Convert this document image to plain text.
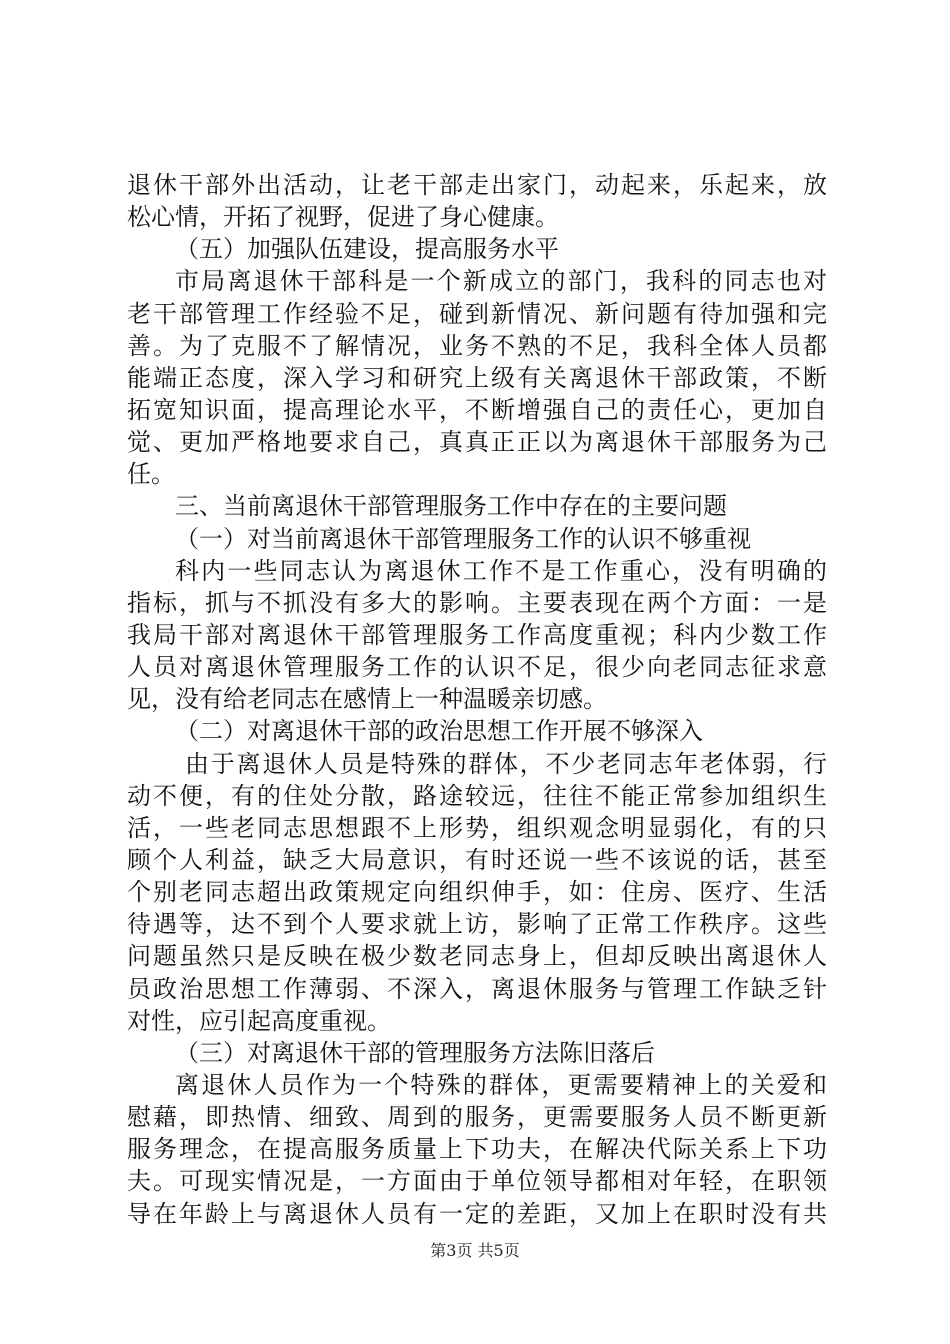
退休干部外出活动，让老干部走出家门，动起来，乐起来，放
松心情，开拓了视野，促进了身心健康。
（五）加强队伍建设，提高服务水平
市局离退休干部科是一个新成立的部门，我科的同志也对
老干部管理工作经验不足，碰到新情况、新问题有待加强和完
善。为了克服不了解情况，业务不熟的不足，我科全体人员都
能端正态度，深入学习和研究上级有关离退休干部政策，不断
拓宽知识面，提高理论水平，不断增强自己的责任心，更加自
觉、更加严格地要求自己，真真正正以为离退休干部服务为己
任。
三、当前离退休干部管理服务工作中存在的主要问题
（一）对当前离退休干部管理服务工作的认识不够重视
科内一些同志认为离退休工作不是工作重心，没有明确的
指标，抓与不抓没有多大的影响。主要表现在两个方面：一是
我局干部对离退休干部管理服务工作高度重视；科内少数工作
人员对离退休管理服务工作的认识不足，很少向老同志征求意
见，没有给老同志在感情上一种温暖亲切感。
（二）对离退休干部的政治思想工作开展不够深入
由于离退休人员是特殊的群体，不少老同志年老体弱，行
动不便，有的住处分散，路途较远，往往不能正常参加组织生
活，一些老同志思想跟不上形势，组织观念明显弱化，有的只
顾个人利益，缺乏大局意识，有时还说一些不该说的话，甚至
个别老同志超出政策规定向组织伸手，如：住房、医疗、生活
待遇等，达不到个人要求就上访，影响了正常工作秩序。这些
问题虽然只是反映在极少数老同志身上，但却反映出离退休人
员政治思想工作薄弱、不深入，离退休服务与管理工作缺乏针
对性，应引起高度重视。
（三）对离退休干部的管理服务方法陈旧落后
离退休人员作为一个特殊的群体，更需要精神上的关爱和
慰藉，即热情、细致、周到的服务，更需要服务人员不断更新
服务理念，在提高服务质量上下功夫，在解决代际关系上下功
夫。可现实情况是，一方面由于单位领导都相对年轻，在职领
导在年龄上与离退休人员有一定的差距，又加上在职时没有共
第3页 共5页
